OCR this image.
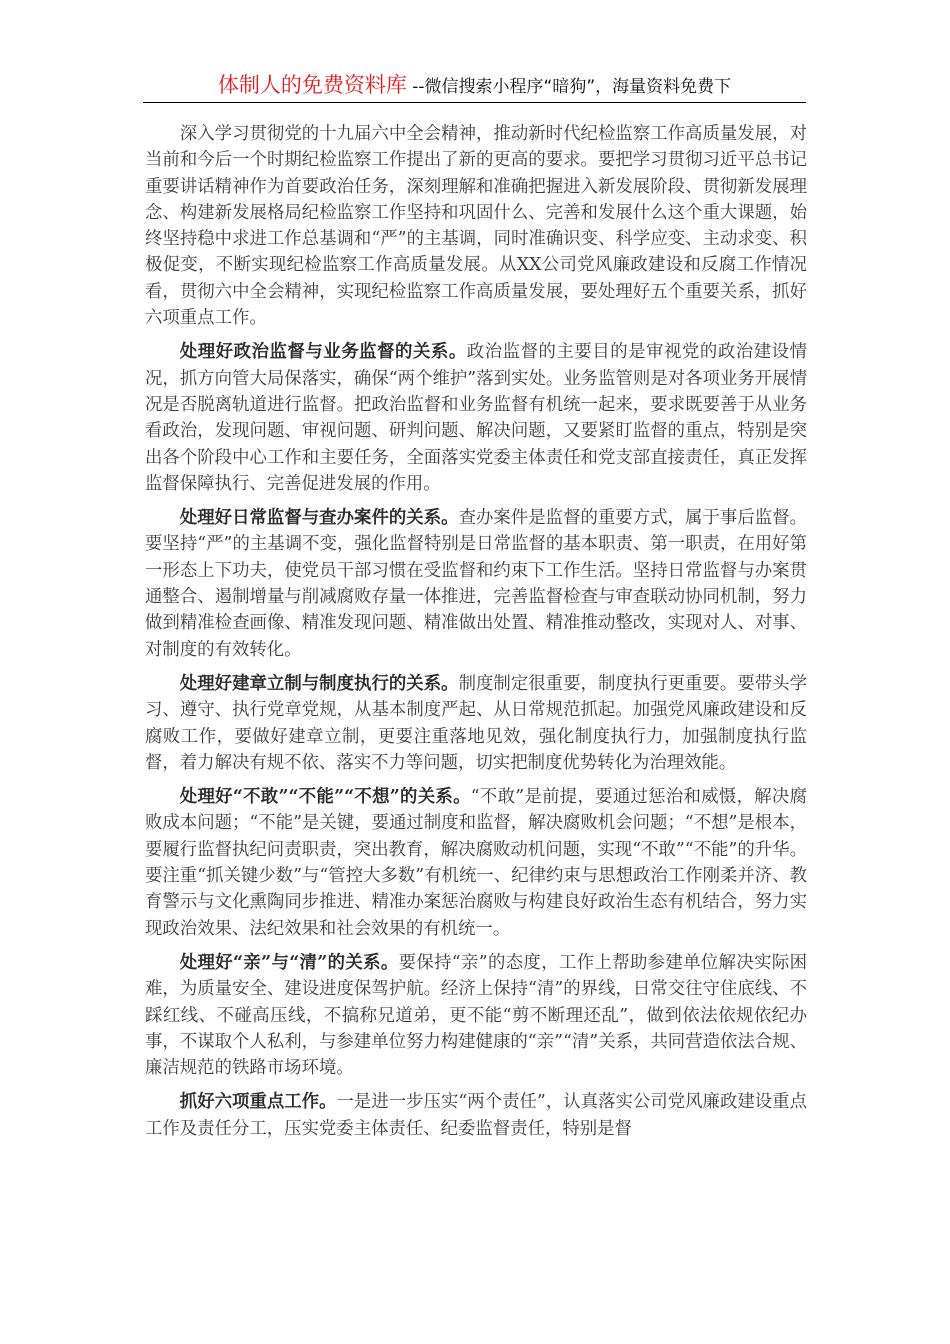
体制人的免费资料库 --微信搜索小程序“暗狗”，海量资料免费下

深入学习贯彻党的十九届六中全会精神，推动新时代纪检监察工作高质量发展，对当前和今后一个时期纪检监察工作提出了新的更高的要求。要把学习贯彻习近平总书记重要讲话精神作为首要政治任务，深刻理解和准确把握进入新发展阶段、贯彻新发展理念、构建新发展格局纪检监察工作坚持和巩固什么、完善和发展什么这个重大课题，始终坚持稳中求进工作总基调和“严”的主基调，同时准确识变、科学应变、主动求变、积极促变，不断实现纪检监察工作高质量发展。从XX公司党风廉政建设和反腐工作情况看，贯彻六中全会精神，实现纪检监察工作高质量发展，要处理好五个重要关系，抓好六项重点工作。

处理好政治监督与业务监督的关系。政治监督的主要目的是审视党的政治建设情况，抓方向管大局保落实，确保“两个维护”落到实处。业务监管则是对各项业务开展情况是否脱离轨道进行监督。把政治监督和业务监督有机统一起来，要求既要善于从业务看政治，发现问题、审视问题、研判问题、解决问题，又要紧盯监督的重点，特别是突出各个阶段中心工作和主要任务，全面落实党委主体责任和党支部直接责任，真正发挥监督保障执行、完善促进发展的作用。

处理好日常监督与查办案件的关系。查办案件是监督的重要方式，属于事后监督。要坚持“严”的主基调不变，强化监督特别是日常监督的基本职责、第一职责，在用好第一形态上下功夫，使党员干部习惯在受监督和约束下工作生活。坚持日常监督与办案贯通整合、遏制增量与削减腐败存量一体推进，完善监督检查与审查联动协同机制，努力做到精准检查画像、精准发现问题、精准做出处置、精准推动整改，实现对人、对事、对制度的有效转化。

处理好建章立制与制度执行的关系。制度制定很重要，制度执行更重要。要带头学习、遵守、执行党章党规，从基本制度严起、从日常规范抓起。加强党风廉政建设和反腐败工作，要做好建章立制，更要注重落地见效，强化制度执行力，加强制度执行监督，着力解决有规不依、落实不力等问题，切实把制度优势转化为治理效能。

处理好“不敢”“不能”“不想”的关系。“不敢”是前提，要通过惩治和威慑，解决腐败成本问题；“不能”是关键，要通过制度和监督，解决腐败机会问题；“不想”是根本，要履行监督执纪问责职责，突出教育，解决腐败动机问题，实现“不敢”“不能”的升华。要注重“抓关键少数”与“管控大多数”有机统一、纪律约束与思想政治工作刚柔并济、教育警示与文化熏陶同步推进、精准办案惩治腐败与构建良好政治生态有机结合，努力实现政治效果、法纪效果和社会效果的有机统一。

处理好“亲”与“清”的关系。要保持“亲”的态度，工作上帮助参建单位解决实际困难，为质量安全、建设进度保驾护航。经济上保持“清”的界线，日常交往守住底线、不踩红线、不碰高压线，不搞称兄道弟，更不能“剪不断理还乱”，做到依法依规依纪办事，不谋取个人私利，与参建单位努力构建健康的“亲”“清”关系，共同营造依法合规、廉洁规范的铁路市场环境。

抓好六项重点工作。一是进一步压实“两个责任”，认真落实公司党风廉政建设重点工作及责任分工，压实党委主体责任、纪委监督责任，特别是督
